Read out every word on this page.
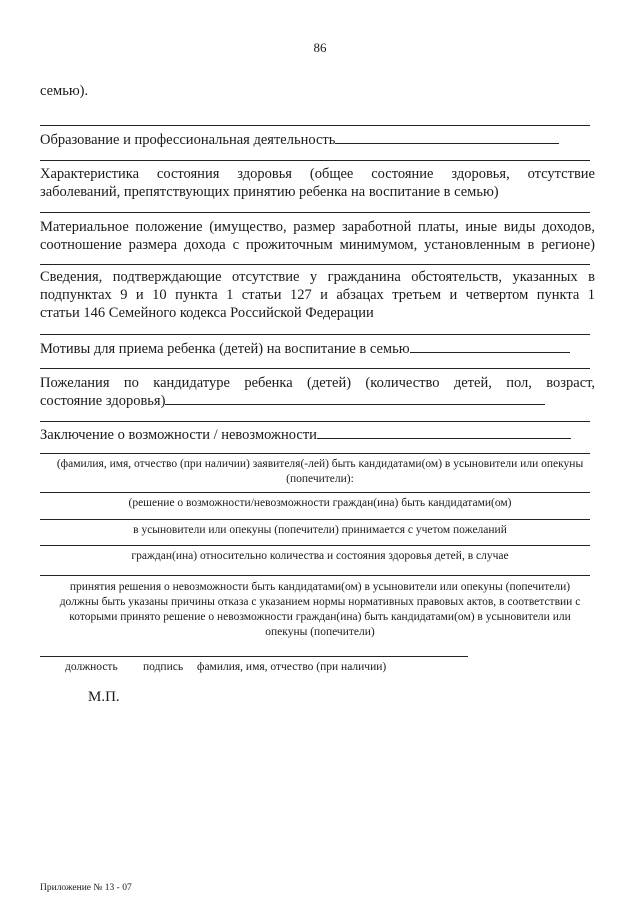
86
семью).
Образование и профессиональная деятельность
Характеристика состояния здоровья (общее состояние здоровья, отсутствие
заболеваний, препятствующих принятию ребенка на воспитание в семью)
Материальное положение (имущество, размер заработной платы, иные виды доходов,
соотношение размера дохода с прожиточным минимумом, установленным в регионе)
Сведения, подтверждающие отсутствие у гражданина обстоятельств, указанных в
подпунктах 9 и 10 пункта 1 статьи 127 и абзацах третьем и четвертом пункта 1
статьи 146 Семейного кодекса Российской Федерации
Мотивы для приема ребенка (детей) на воспитание в семью
Пожелания по кандидатуре ребенка (детей) (количество детей, пол, возраст,
состояние здоровья)
Заключение о возможности / невозможности
(фамилия, имя, отчество (при наличии) заявителя(-лей) быть кандидатами(ом) в усыновители или опекуны
(попечители):
(решение о возможности/невозможности граждан(ина) быть кандидатами(ом)
в усыновители или опекуны (попечители) принимается с учетом пожеланий
граждан(ина) относительно количества и состояния здоровья детей, в случае
принятия решения о невозможности быть кандидатами(ом) в усыновители или опекуны (попечители)
должны быть указаны причины отказа с указанием нормы нормативных правовых актов, в соответствии с
которыми принято решение о невозможности граждан(ина) быть кандидатами(ом) в усыновители или
опекуны (попечители)
должность подпись фамилия, имя, отчество (при наличии)
М.П.
Приложение № 13 - 07
